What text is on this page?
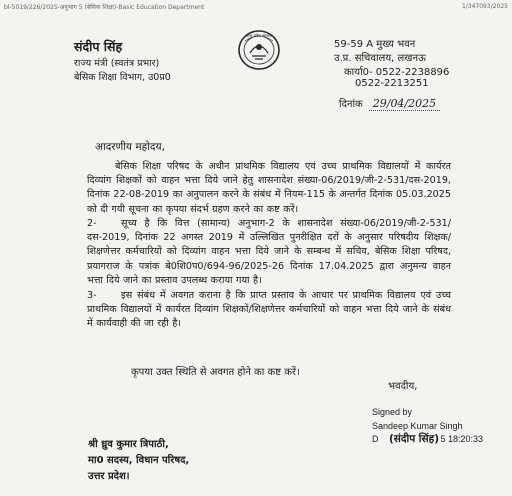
bl-5019/226/2025-अनुभाग 5 (बेसिक शिक्षा)-Basic Education Department	1/347093/2025
संदीप सिंह
राज्य मंत्री (स्वतंत्र प्रभार)
बेसिक शिक्षा विभाग, उ0प्र0
उत्तर प्रदेश सरकार
59-59 A मुख्य भवन
उ.प्र. सचिवालय, लखनऊ
कार्या0- 0522-2238896
0522-2213251
दिनांक 29/04/2025
आदरणीय महोदय,
बेसिक शिक्षा परिषद के अधीन प्राथमिक विद्यालय एवं उच्च प्राथमिक विद्यालयों में कार्यरत दिव्यांग शिक्षकों को वाहन भत्ता दिये जाने हेतु शासनादेश संख्या-06/2019/जी-2-531/दस-2019, दिनांक 22-08-2019 का अनुपालन करने के संबंध में नियम-115 के अन्तर्गत दिनांक 05.03.2025 को दी गयी सूचना का कृपया संदर्भ ग्रहण करने का कष्ट करें।
2-	सूच्य है कि वित्त (सामान्य) अनुभाग-2 के शासनादेश संख्या-06/2019/जी-2-531/दस-2019, दिनांक 22 अगस्त 2019 में उल्लिखित पुनरीक्षित दरों के अनुसार परिषदीय शिक्षक/शिक्षणेत्तर कर्मचारियों को दिव्यांग वाहन भत्ता दिये जाने के सम्बन्ध में सचिव, बेसिक शिक्षा परिषद, प्रयागराज के पत्रांक बे0शि0प0/694-96/2025-26 दिनांक 17.04.2025 द्वारा अनुमन्य वाहन भत्ता दिये जाने का प्रस्ताव उपलब्ध कराया गया है।
3-	इस संबंध में अवगत कराना है कि प्राप्त प्रस्ताव के आधार पर प्राथमिक विद्यालय एवं उच्च प्राथमिक विद्यालयों में कार्यरत दिव्यांग शिक्षकों/शिक्षणेत्तर कर्मचारियों को वाहन भत्ता दिये जाने के संबंध में कार्यवाही की जा रही है।
कृपया उक्त स्थिति से अवगत होने का कष्ट करें।
भवदीय,
Signed by
Sandeep Kumar Singh
D	5 18:20:33
(संदीप सिंह)
श्री ध्रुव कुमार त्रिपाठी,
मा0 सदस्य, विधान परिषद,
उत्तर प्रदेश।
